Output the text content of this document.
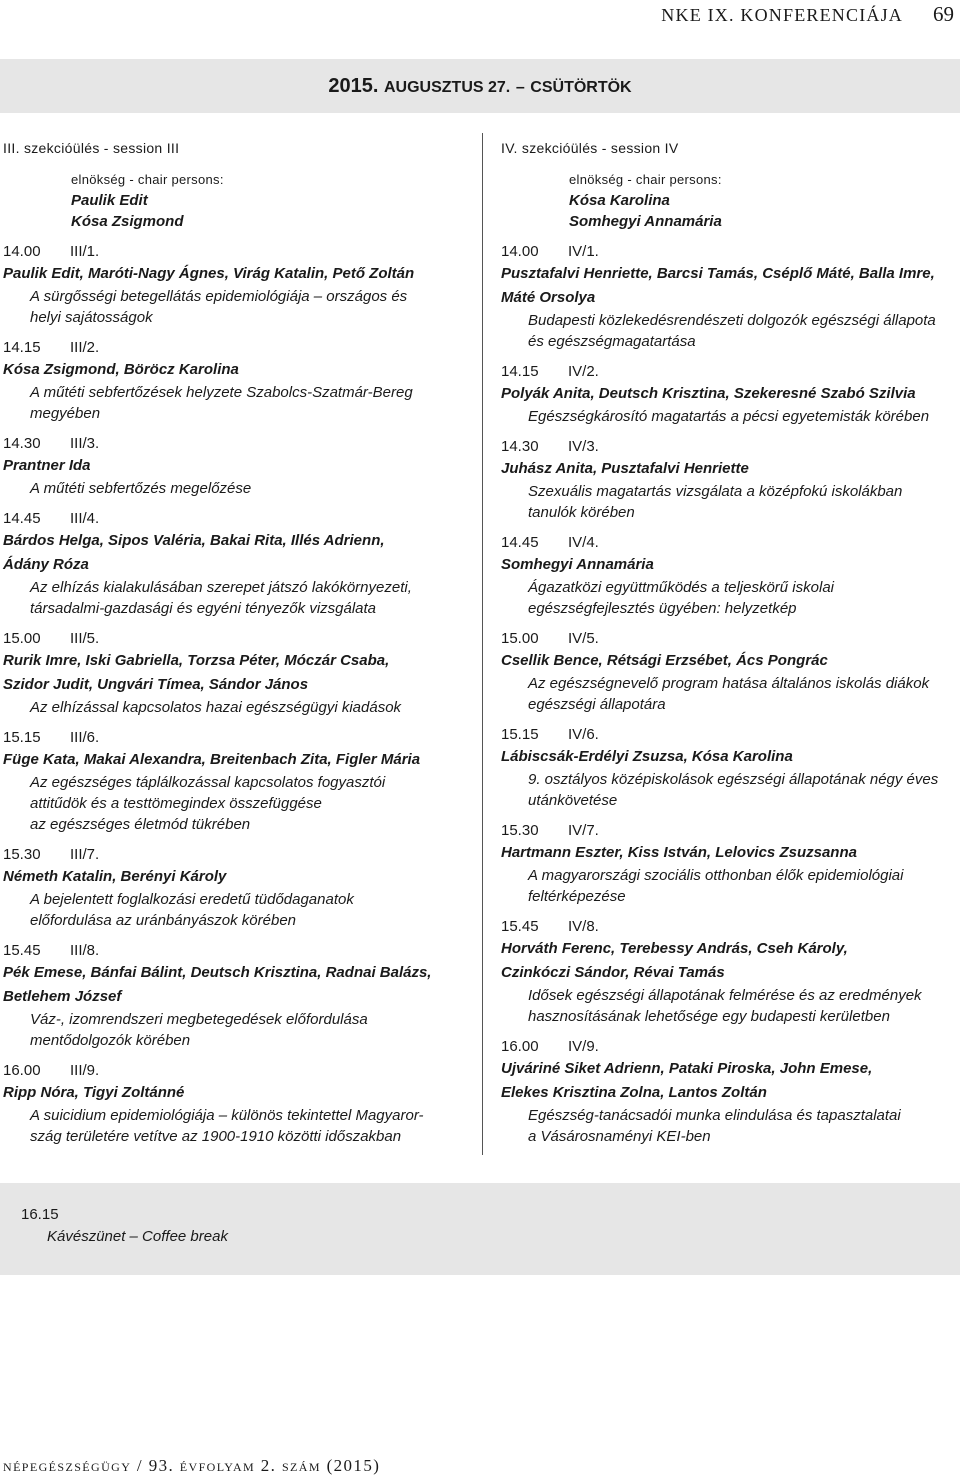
NKE IX. KONFERENCIÁJA 69
2015. AUGUSZTUS 27. – CSÜTÖRTÖK
III. szekcióülés - session III
elnökség - chair persons:
Paulik Edit
Kósa Zsigmond
14.00 III/1.
Paulik Edit, Maróti-Nagy Ágnes, Virág Katalin, Pető Zoltán
A sürgősségi betegellátás epidemiológiája – országos és
helyi sajátosságok
14.15 III/2.
Kósa Zsigmond, Böröcz Karolina
A műtéti sebfertőzések helyzete Szabolcs-Szatmár-Bereg
megyében
14.30 III/3.
Prantner Ida
A műtéti sebfertőzés megelőzése
14.45 III/4.
Bárdos Helga, Sipos Valéria, Bakai Rita, Illés Adrienn,
Ádány Róza
Az elhízás kialakulásában szerepet játszó lakókörnyezeti,
társadalmi-gazdasági és egyéni tényezők vizsgálata
15.00 III/5.
Rurik Imre, Iski Gabriella, Torzsa Péter, Móczár Csaba,
Szidor Judit, Ungvári Tímea, Sándor János
Az elhízással kapcsolatos hazai egészségügyi kiadások
15.15 III/6.
Füge Kata, Makai Alexandra, Breitenbach Zita, Figler Mária
Az egészséges táplálkozással kapcsolatos fogyasztói
attitűdök és a testtömegindex összefüggése
az egészséges életmód tükrében
15.30 III/7.
Németh Katalin, Berényi Károly
A bejelentett foglalkozási eredetű tüdődaganatok
előfordulása az uránbányászok körében
15.45 III/8.
Pék Emese, Bánfai Bálint, Deutsch Krisztina, Radnai Balázs,
Betlehem József
Váz-, izomrendszeri megbetegedések előfordulása
mentődolgozók körében
16.00 III/9.
Ripp Nóra, Tigyi Zoltánné
A suicidium epidemiológiája – különös tekintettel Magyaror-
szág területére vetítve az 1900-1910 közötti időszakban
IV. szekcióülés - session IV
elnökség - chair persons:
Kósa Karolina
Somhegyi Annamária
14.00 IV/1.
Pusztafalvi Henriette, Barcsi Tamás, Cséplő Máté, Balla Imre,
Máté Orsolya
Budapesti közlekedésrendészeti dolgozók egészségi állapota
és egészségmagatartása
14.15 IV/2.
Polyák Anita, Deutsch Krisztina, Szekeresné Szabó Szilvia
Egészségkárosító magatartás a pécsi egyetemisták körében
14.30 IV/3.
Juhász Anita, Pusztafalvi Henriette
Szexuális magatartás vizsgálata a középfokú iskolákban
tanulók körében
14.45 IV/4.
Somhegyi Annamária
Ágazatközi együttműködés a teljeskörű iskolai
egészségfejlesztés ügyében: helyzetkép
15.00 IV/5.
Csellik Bence, Rétsági Erzsébet, Ács Pongrác
Az egészségnevelő program hatása általános iskolás diákok
egészségi állapotára
15.15 IV/6.
Lábiscsák-Erdélyi Zsuzsa, Kósa Karolina
9. osztályos középiskolások egészségi állapotának négy éves
utánkövetése
15.30 IV/7.
Hartmann Eszter, Kiss István, Lelovics Zsuzsanna
A magyarországi szociális otthonban élők epidemiológiai
feltérképezése
15.45 IV/8.
Horváth Ferenc, Terebessy András, Cseh Károly,
Czinkóczi Sándor, Révai Tamás
Idősek egészségi állapotának felmérése és az eredmények
hasznosításának lehetősége egy budapesti kerületben
16.00 IV/9.
Ujváriné Siket Adrienn, Pataki Piroska, John Emese,
Elekes Krisztina Zolna, Lantos Zoltán
Egészség-tanácsadói munka elindulása és tapasztalatai
a Vásárosnaményi KEI-ben
16.15
Kávészünet – Coffee break
népegészségügy / 93. évfolyam 2. szám (2015)
